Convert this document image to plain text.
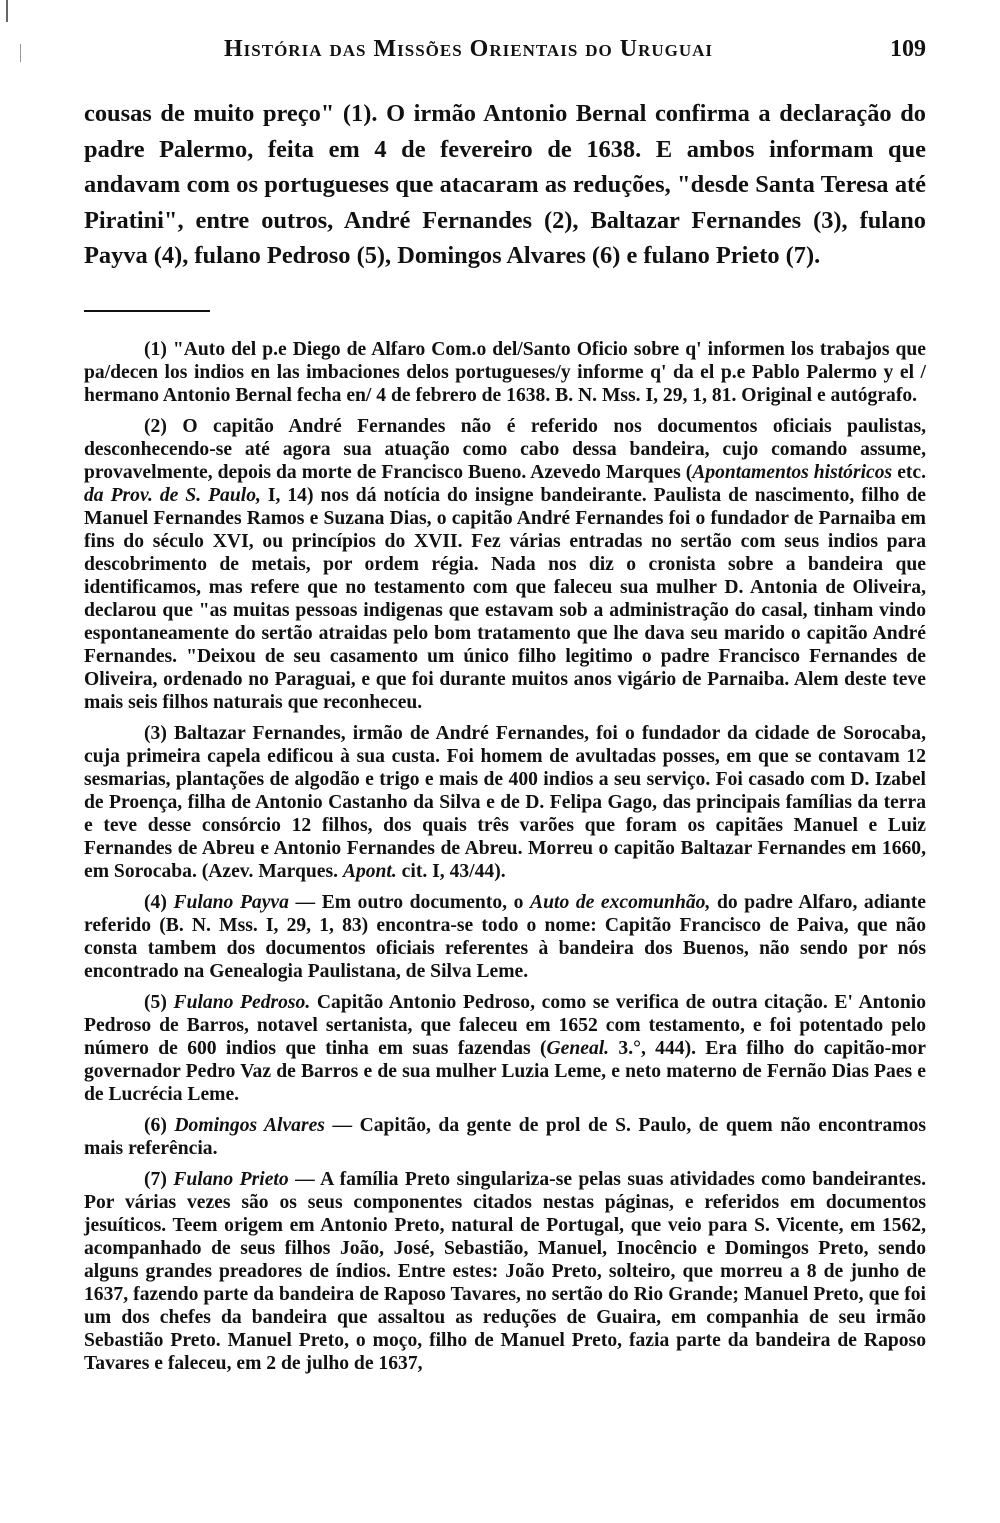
História das Missões Orientais do Uruguai	109

cousas de muito preço" (1). O irmão Antonio Bernal confirma a declaração do padre Palermo, feita em 4 de fevereiro de 1638. E ambos informam que andavam com os portugueses que atacaram as reduções, "desde Santa Teresa até Piratini", entre outros, André Fernandes (2), Baltazar Fernandes (3), fulano Payva (4), fulano Pedroso (5), Domingos Alvares (6) e fulano Prieto (7).

(1) "Auto del p.e Diego de Alfaro Com.o del/Santo Oficio sobre q' informen los trabajos que pa/decen los indios en las imbaciones delos portugueses/y informe q' da el p.e Pablo Palermo y el / hermano Antonio Bernal fecha en/ 4 de febrero de 1638. B. N. Mss. I, 29, 1, 81. Original e autógrafo.

(2) O capitão André Fernandes não é referido nos documentos oficiais paulistas, desconhecendo-se até agora sua atuação como cabo dessa bandeira, cujo comando assume, provavelmente, depois da morte de Francisco Bueno. Azevedo Marques (Apontamentos históricos etc. da Prov. de S. Paulo, I, 14) nos dá notícia do insigne bandeirante. Paulista de nascimento, filho de Manuel Fernandes Ramos e Suzana Dias, o capitão André Fernandes foi o fundador de Parnaiba em fins do século XVI, ou princípios do XVII. Fez várias entradas no sertão com seus indios para descobrimento de metais, por ordem régia. Nada nos diz o cronista sobre a bandeira que identificamos, mas refere que no testamento com que faleceu sua mulher D. Antonia de Oliveira, declarou que "as muitas pessoas indigenas que estavam sob a administração do casal, tinham vindo espontaneamente do sertão atraidas pelo bom tratamento que lhe dava seu marido o capitão André Fernandes. "Deixou de seu casamento um único filho legitimo o padre Francisco Fernandes de Oliveira, ordenado no Paraguai, e que foi durante muitos anos vigário de Parnaiba. Alem deste teve mais seis filhos naturais que reconheceu.

(3) Baltazar Fernandes, irmão de André Fernandes, foi o fundador da cidade de Sorocaba, cuja primeira capela edificou à sua custa. Foi homem de avultadas posses, em que se contavam 12 sesmarias, plantações de algodão e trigo e mais de 400 indios a seu serviço. Foi casado com D. Izabel de Proença, filha de Antonio Castanho da Silva e de D. Felipa Gago, das principais famílias da terra e teve desse consórcio 12 filhos, dos quais três varões que foram os capitães Manuel e Luiz Fernandes de Abreu e Antonio Fernandes de Abreu. Morreu o capitão Baltazar Fernandes em 1660, em Sorocaba. (Azev. Marques. Apont. cit. I, 43/44).

(4) Fulano Payva — Em outro documento, o Auto de excomunhão, do padre Alfaro, adiante referido (B. N. Mss. I, 29, 1, 83) encontra-se todo o nome: Capitão Francisco de Paiva, que não consta tambem dos documentos oficiais referentes à bandeira dos Buenos, não sendo por nós encontrado na Genealogia Paulistana, de Silva Leme.

(5) Fulano Pedroso. Capitão Antonio Pedroso, como se verifica de outra citação. E' Antonio Pedroso de Barros, notavel sertanista, que faleceu em 1652 com testamento, e foi potentado pelo número de 600 indios que tinha em suas fazendas (Geneal. 3.°, 444). Era filho do capitão-mor governador Pedro Vaz de Barros e de sua mulher Luzia Leme, e neto materno de Fernão Dias Paes e de Lucrécia Leme.

(6) Domingos Alvares — Capitão, da gente de prol de S. Paulo, de quem não encontramos mais referência.

(7) Fulano Prieto — A família Preto singulariza-se pelas suas atividades como bandeirantes. Por várias vezes são os seus componentes citados nestas páginas, e referidos em documentos jesuíticos. Teem origem em Antonio Preto, natural de Portugal, que veio para S. Vicente, em 1562, acompanhado de seus filhos João, José, Sebastião, Manuel, Inocêncio e Domingos Preto, sendo alguns grandes preadores de índios. Entre estes: João Preto, solteiro, que morreu a 8 de junho de 1637, fazendo parte da bandeira de Raposo Tavares, no sertão do Rio Grande; Manuel Preto, que foi um dos chefes da bandeira que assaltou as reduções de Guaira, em companhia de seu irmão Sebastião Preto. Manuel Preto, o moço, filho de Manuel Preto, fazia parte da bandeira de Raposo Tavares e faleceu, em 2 de julho de 1637,
